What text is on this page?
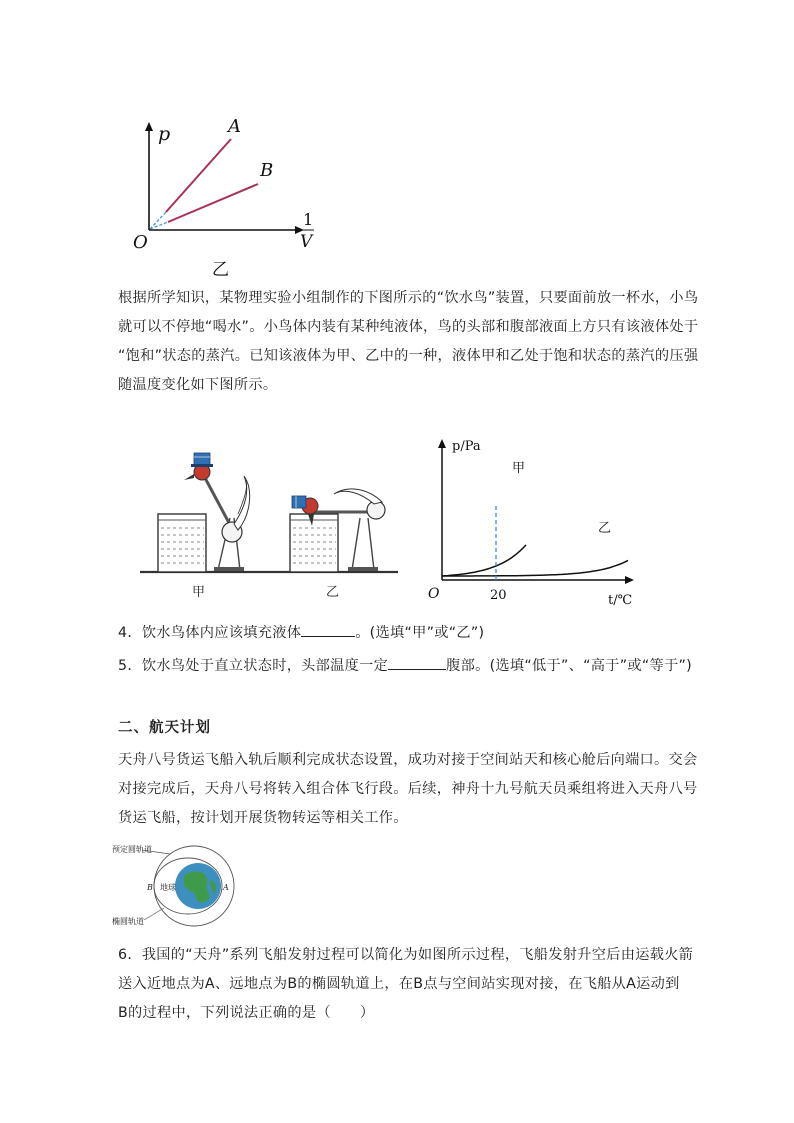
p	A
B
O
1
V
乙
根据所学知识，某物理实验小组制作的下图所示的“饮水鸟”装置，只要面前放一杯水，小鸟
就可以不停地“喝水”。小鸟体内装有某种纯液体，鸟的头部和腹部液面上方只有该液体处于
“饱和”状态的蒸汽。已知该液体为甲、乙中的一种，液体甲和乙处于饱和状态的蒸汽的压强
随温度变化如下图所示。
甲	乙
p/Pa
t/℃
O	20
甲
乙
4．饮水鸟体内应该填充液体	。(选填“甲”或“乙”)
5．饮水鸟处于直立状态时，头部温度一定	腹部。(选填“低于”、“高于”或“等于”)
二、航天计划
天舟八号货运飞船入轨后顺利完成状态设置，成功对接于空间站天和核心舱后向端口。交会
对接完成后，天舟八号将转入组合体飞行段。后续，神舟十九号航天员乘组将进入天舟八号
货运飞船，按计划开展货物转运等相关工作。
预定圆轨道
椭圆轨道
地球
B	A
6．我国的“天舟”系列飞船发射过程可以简化为如图所示过程，飞船发射升空后由运载火箭
送入近地点为A、远地点为B的椭圆轨道上，在B点与空间站实现对接，在飞船从A运动到
B的过程中，下列说法正确的是（　　）
